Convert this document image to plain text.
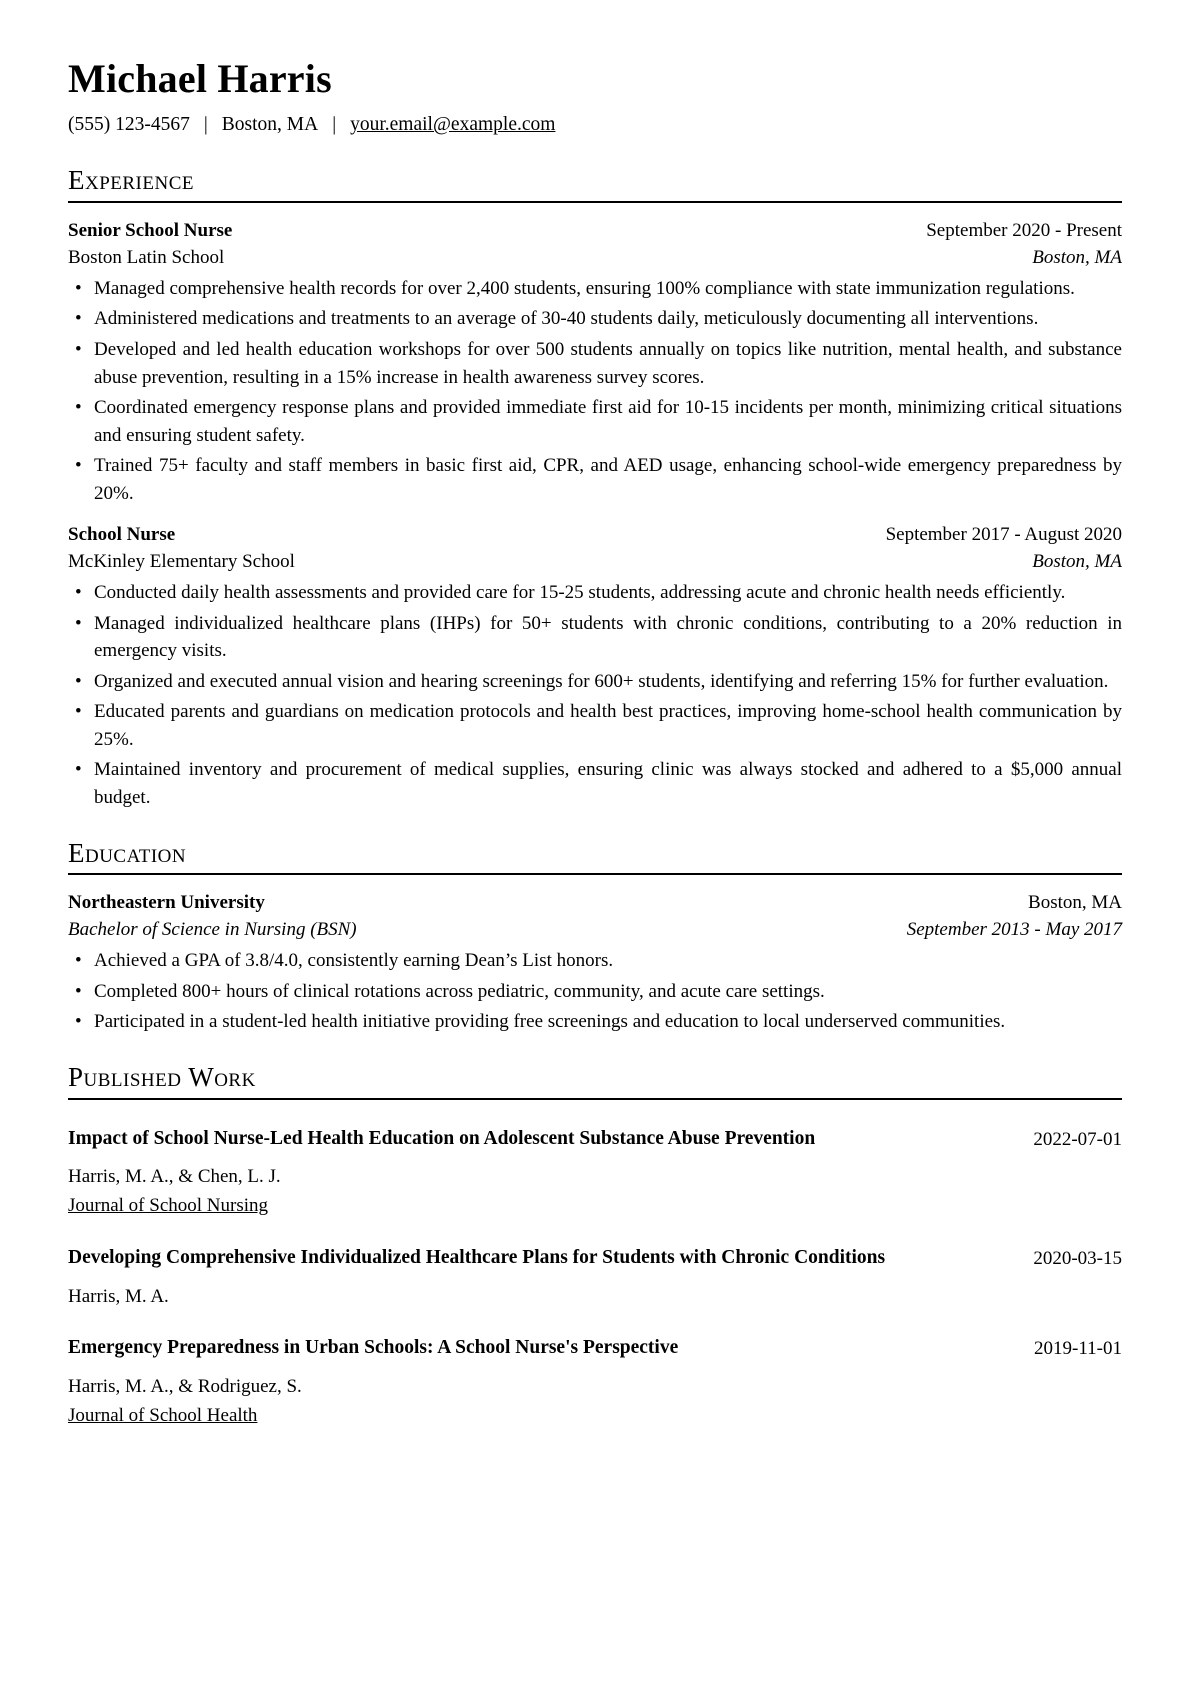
Michael Harris
(555) 123-4567 | Boston, MA | your.email@example.com
Experience
Senior School Nurse	September 2020 - Present
Boston Latin School	Boston, MA
• Managed comprehensive health records for over 2,400 students, ensuring 100% compliance with state immunization regulations.
• Administered medications and treatments to an average of 30-40 students daily, meticulously documenting all interventions.
• Developed and led health education workshops for over 500 students annually on topics like nutrition, mental health, and substance abuse prevention, resulting in a 15% increase in health awareness survey scores.
• Coordinated emergency response plans and provided immediate first aid for 10-15 incidents per month, minimizing critical situations and ensuring student safety.
• Trained 75+ faculty and staff members in basic first aid, CPR, and AED usage, enhancing school-wide emergency preparedness by 20%.
School Nurse	September 2017 - August 2020
McKinley Elementary School	Boston, MA
• Conducted daily health assessments and provided care for 15-25 students, addressing acute and chronic health needs efficiently.
• Managed individualized healthcare plans (IHPs) for 50+ students with chronic conditions, contributing to a 20% reduction in emergency visits.
• Organized and executed annual vision and hearing screenings for 600+ students, identifying and referring 15% for further evaluation.
• Educated parents and guardians on medication protocols and health best practices, improving home-school health communication by 25%.
• Maintained inventory and procurement of medical supplies, ensuring clinic was always stocked and adhered to a $5,000 annual budget.
Education
Northeastern University	Boston, MA
Bachelor of Science in Nursing (BSN)	September 2013 - May 2017
• Achieved a GPA of 3.8/4.0, consistently earning Dean’s List honors.
• Completed 800+ hours of clinical rotations across pediatric, community, and acute care settings.
• Participated in a student-led health initiative providing free screenings and education to local underserved communities.
Published Work
Impact of School Nurse-Led Health Education on Adolescent Substance Abuse Prevention	2022-07-01
Harris, M. A., & Chen, L. J.
Journal of School Nursing
Developing Comprehensive Individualized Healthcare Plans for Students with Chronic Conditions	2020-03-15
Harris, M. A.
Emergency Preparedness in Urban Schools: A School Nurse's Perspective	2019-11-01
Harris, M. A., & Rodriguez, S.
Journal of School Health
